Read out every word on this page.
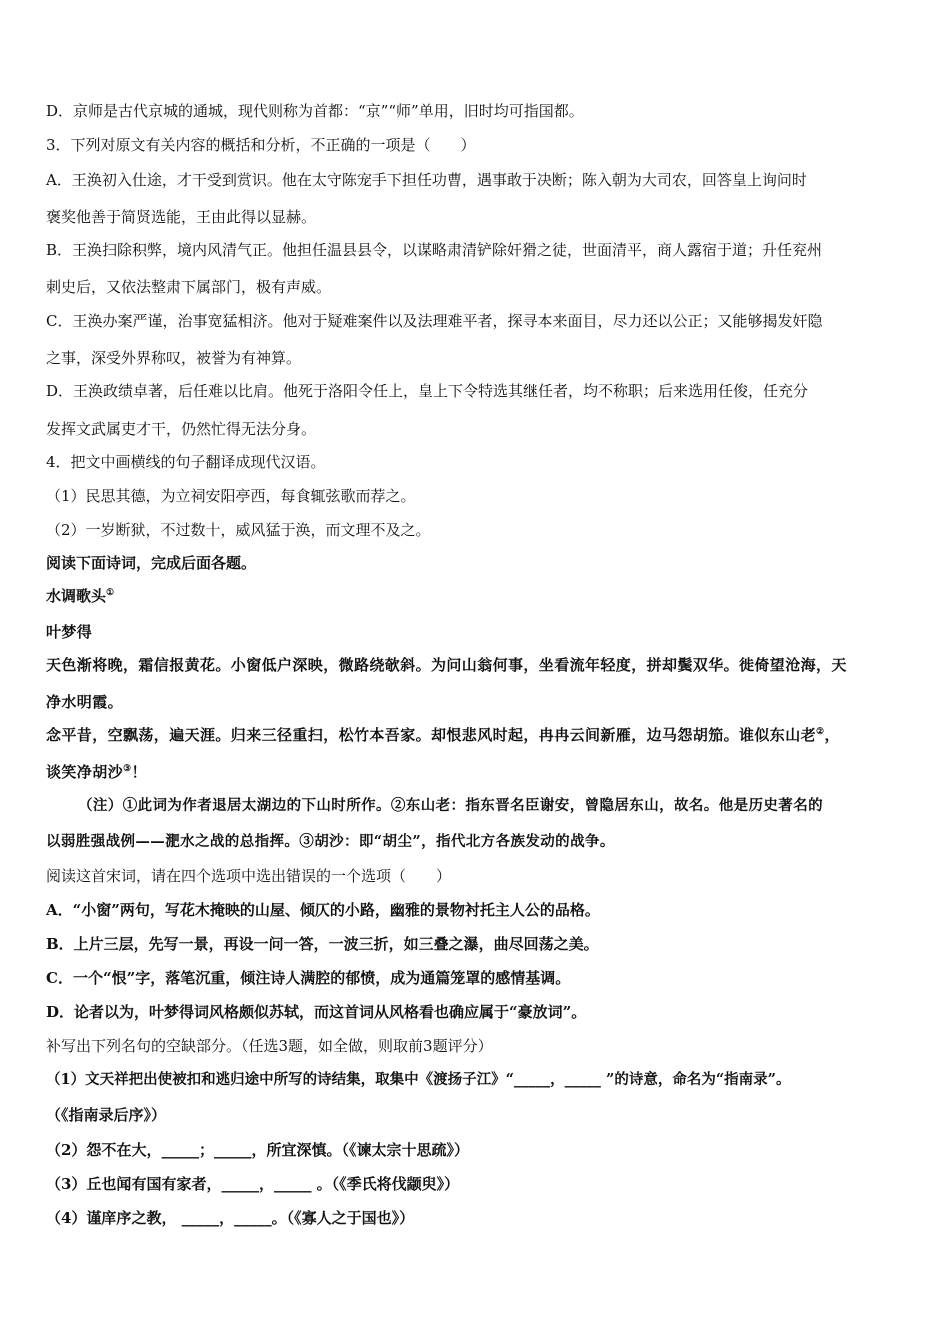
D．京师是古代京城的通城，现代则称为首都：“京”“师”单用，旧时均可指国都。
3．下列对原文有关内容的概括和分析，不正确的一项是（　　）
A．王涣初入仕途，才干受到赏识。他在太守陈宠手下担任功曹，遇事敢于决断；陈入朝为大司农，回答皇上询问时
褒奖他善于简贤选能，王由此得以显赫。
B．王涣扫除积弊，境内风清气正。他担任温县县令，以谋略肃清铲除奸猾之徒，世面清平，商人露宿于道；升任兖州
刺史后，又依法整肃下属部门，极有声威。
C．王涣办案严谨，治事宽猛相济。他对于疑难案件以及法理难平者，探寻本来面目，尽力还以公正；又能够揭发奸隐
之事，深受外界称叹，被誉为有神算。
D．王涣政绩卓著，后任难以比肩。他死于洛阳令任上，皇上下令特选其继任者，均不称职；后来选用任俊，任充分
发挥文武属吏才干，仍然忙得无法分身。
4．把文中画横线的句子翻译成现代汉语。
（1）民思其德，为立祠安阳亭西，每食辄弦歌而荐之。
（2）一岁断狱，不过数十，威风猛于涣，而文理不及之。
阅读下面诗词，完成后面各题。
水调歌头①
叶梦得
天色渐将晚，霜信报黄花。小窗低户深映，微路绕欹斜。为问山翁何事，坐看流年轻度，拼却鬓双华。徙倚望沧海，天
净水明霞。
念平昔，空飘荡，遍天涯。归来三径重扫，松竹本吾家。却恨悲风时起，冉冉云间新雁，边马怨胡笳。谁似东山老②，
谈笑净胡沙③！
（注）①此词为作者退居太湖边的下山时所作。②东山老：指东晋名臣谢安，曾隐居东山，故名。他是历史著名的
以弱胜强战例——淝水之战的总指挥。③胡沙：即“胡尘”，指代北方各族发动的战争。
阅读这首宋词，请在四个选项中选出错误的一个选项（　　）
A．“小窗”两句，写花木掩映的山屋、倾仄的小路，幽雅的景物衬托主人公的品格。
B．上片三层，先写一景，再设一问一答，一波三折，如三叠之瀑，曲尽回荡之美。
C．一个“恨”字，落笔沉重，倾注诗人满腔的郁愤，成为通篇笼罩的感情基调。
D．论者以为，叶梦得词风格颇似苏轼，而这首词从风格看也确应属于“豪放词”。
补写出下列名句的空缺部分。（任选3题，如全做，则取前3题评分）
（1）文天祥把出使被扣和逃归途中所写的诗结集，取集中《渡扬子江》“_____，_____ ”的诗意，命名为“指南录”。
（《指南录后序》）
（2）怨不在大，_____；_____，所宜深慎。（《谏太宗十思疏》）
（3）丘也闻有国有家者，_____，_____ 。（《季氏将伐颛臾》）
（4）谨庠序之教， _____，_____。（《寡人之于国也》）
